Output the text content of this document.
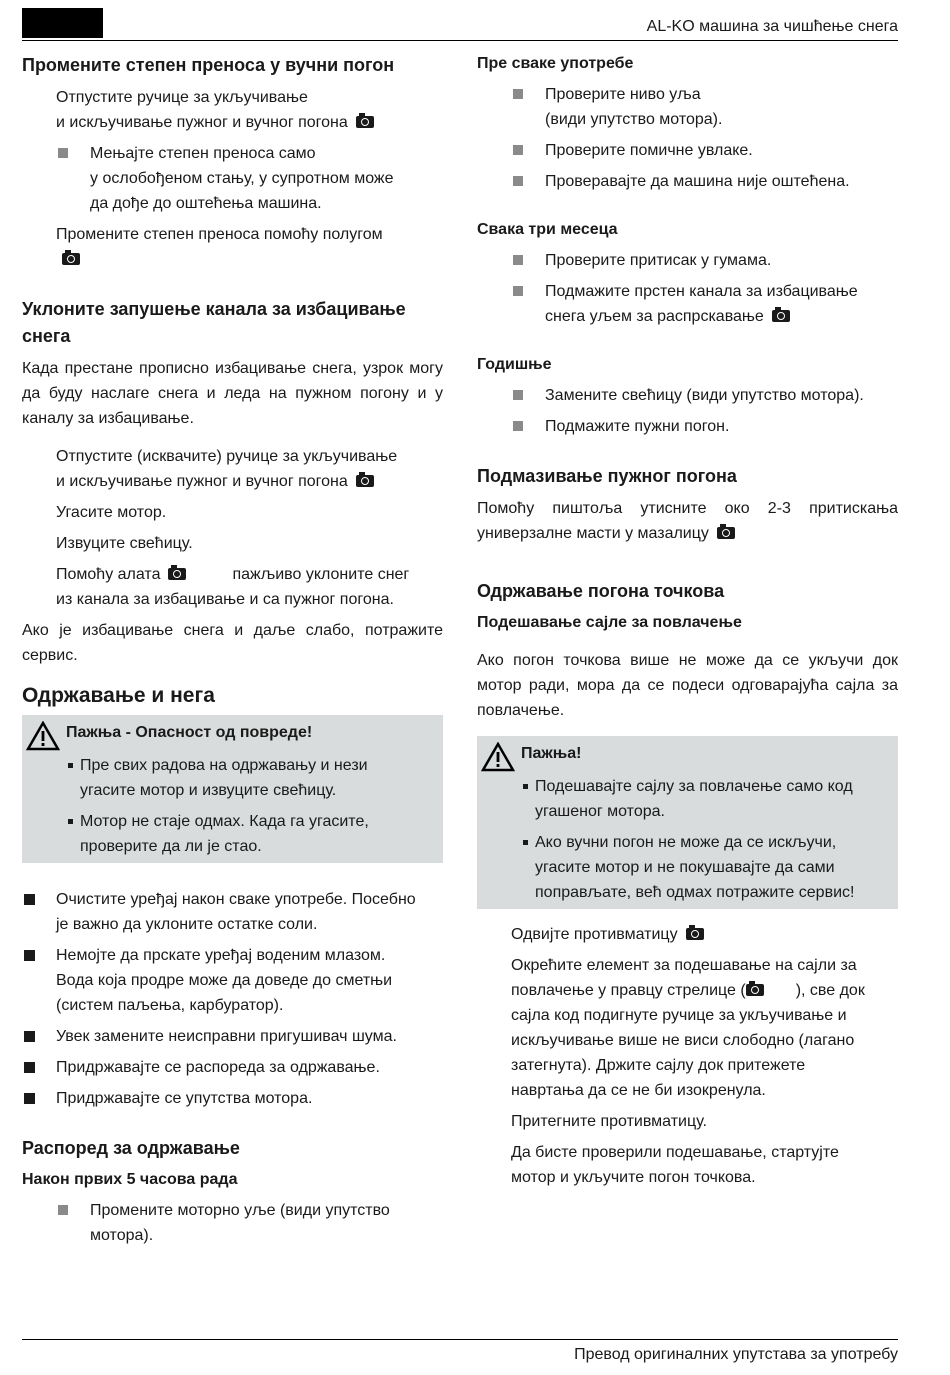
AL-KO машина за чишћење снега
Промените степен преноса у вучни погон

Отпустите ручице за укључивање
и искључивање пужног и вучног погона

Мењајте степен преноса само
у ослобођеном стању, у супротном може
да дође до оштећења машина.

Промените степен преноса помоћу полугом

Уклоните запушење канала за избацивање
снега

Када престане прописно избацивање снега, узрок могу да буду наслаге снега и леда на пужном погону и у каналу за избацивање.

Отпустите (исквачите) ручице за укључивање
и искључивање пужног и вучног погона

Угасите мотор.

Извуците свећицу.

Помоћу алата	пажљиво уклоните снег
из канала за избацивање и са пужног погона.

Ако је избацивање снега и даље слабо, потражите сервис.

Одржавање и нега
Пажња - Опасност од повреде!
Пре свих радова на одржавању и нези
угасите мотор и извуците свећицу.
Мотор не стаје одмах. Када га угасите,
проверите да ли је стао.
Очистите уређај након сваке употребе. Посебно
је важно да уклоните остатке соли.
Немојте да прскате уређај воденим млазом.
Вода која продре може да доведе до сметњи
(систем паљења, карбуратор).
Увек замените неисправни пригушивач шума.
Придржавајте се распореда за одржавање.
Придржавајте се упутства мотора.
Распоред за одржавање
Након првих 5 часова рада
Промените моторно уље (види упутство
мотора).
Пре сваке употребе
Проверите ниво уља
(види упутство мотора).
Проверите помичне увлаке.
Проверавајте да машина није оштећена.
Свака три месеца
Проверите притисак у гумама.
Подмажите прстен канала за избацивање
снега уљем за распрскавање
Годишње
Замените свећицу (види упутство мотора).
Подмажите пужни погон.
Подмазивање пужног погона

Помоћу пиштоља утисните око 2-3 притискања универзалне масти у мазалицу

Одржавање погона точкова
Подешавање сајле за повлачење

Ако погон точкова више не може да се укључи док мотор ради, мора да се подеси одговарајућа сајла за повлачење.

Пажња!
Подешавајте сајлу за повлачење само код
угашеног мотора.
Ако вучни погон не може да се искључи,
угасите мотор и не покушавајте да сами
поправљате, већ одмах потражите сервис!

Одвијте противматицу

Окрећите елемент за подешавање на сајли за
повлачење у правцу стрелице (	), све док
сајла код подигнуте ручице за укључивање и
искључивање више не виси слободно (лагано
затегнута). Држите сајлу док притежете
навртања да се не би изокренула.

Притегните противматицу.

Да бисте проверили подешавање, стартујте
мотор и укључите погон точкова.

Превод оригиналних упутстава за употребу
